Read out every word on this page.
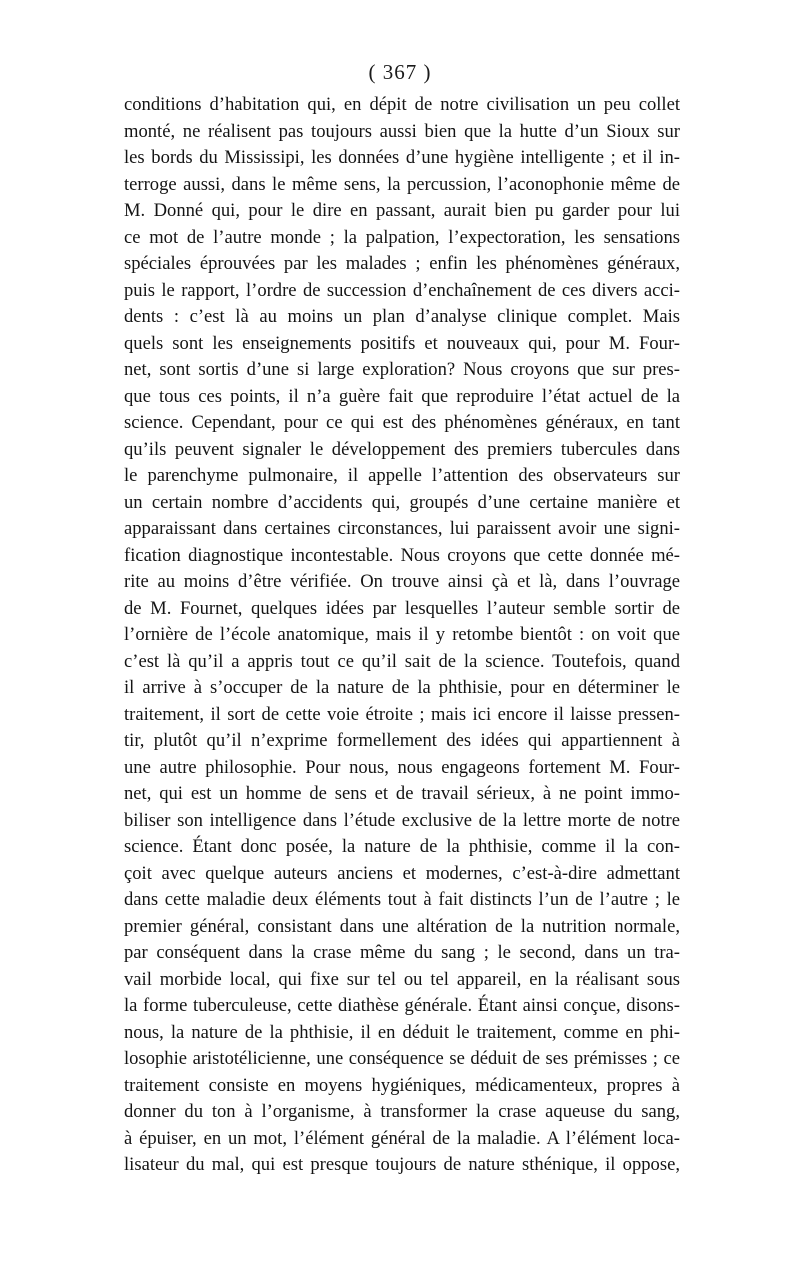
( 367 )
conditions d’habitation qui, en dépit de notre civilisation un peu collet
monté, ne réalisent pas toujours aussi bien que la hutte d’un Sioux sur
les bords du Mississipi, les données d’une hygiène intelligente ; et il in-
terroge aussi, dans le même sens, la percussion, l’aconophonie même de
M. Donné qui, pour le dire en passant, aurait bien pu garder pour lui
ce mot de l’autre monde ; la palpation, l’expectoration, les sensations
spéciales éprouvées par les malades ; enfin les phénomènes généraux,
puis le rapport, l’ordre de succession d’enchaînement de ces divers acci-
dents : c’est là au moins un plan d’analyse clinique complet. Mais
quels sont les enseignements positifs et nouveaux qui, pour M. Four-
net, sont sortis d’une si large exploration? Nous croyons que sur pres-
que tous ces points, il n’a guère fait que reproduire l’état actuel de la
science. Cependant, pour ce qui est des phénomènes généraux, en tant
qu’ils peuvent signaler le développement des premiers tubercules dans
le parenchyme pulmonaire, il appelle l’attention des observateurs sur
un certain nombre d’accidents qui, groupés d’une certaine manière et
apparaissant dans certaines circonstances, lui paraissent avoir une signi-
fication diagnostique incontestable. Nous croyons que cette donnée mé-
rite au moins d’être vérifiée. On trouve ainsi çà et là, dans l’ouvrage
de M. Fournet, quelques idées par lesquelles l’auteur semble sortir de
l’ornière de l’école anatomique, mais il y retombe bientôt : on voit que
c’est là qu’il a appris tout ce qu’il sait de la science. Toutefois, quand
il arrive à s’occuper de la nature de la phthisie, pour en déterminer le
traitement, il sort de cette voie étroite ; mais ici encore il laisse pressen-
tir, plutôt qu’il n’exprime formellement des idées qui appartiennent à
une autre philosophie. Pour nous, nous engageons fortement M. Four-
net, qui est un homme de sens et de travail sérieux, à ne point immo-
biliser son intelligence dans l’étude exclusive de la lettre morte de notre
science. Étant donc posée, la nature de la phthisie, comme il la con-
çoit avec quelque auteurs anciens et modernes, c’est-à-dire admettant
dans cette maladie deux éléments tout à fait distincts l’un de l’autre ; le
premier général, consistant dans une altération de la nutrition normale,
par conséquent dans la crase même du sang ; le second, dans un tra-
vail morbide local, qui fixe sur tel ou tel appareil, en la réalisant sous
la forme tuberculeuse, cette diathèse générale. Étant ainsi conçue, disons-
nous, la nature de la phthisie, il en déduit le traitement, comme en phi-
losophie aristotélicienne, une conséquence se déduit de ses prémisses ; ce
traitement consiste en moyens hygiéniques, médicamenteux, propres à
donner du ton à l’organisme, à transformer la crase aqueuse du sang,
à épuiser, en un mot, l’élément général de la maladie. A l’élément loca-
lisateur du mal, qui est presque toujours de nature sthénique, il oppose,
